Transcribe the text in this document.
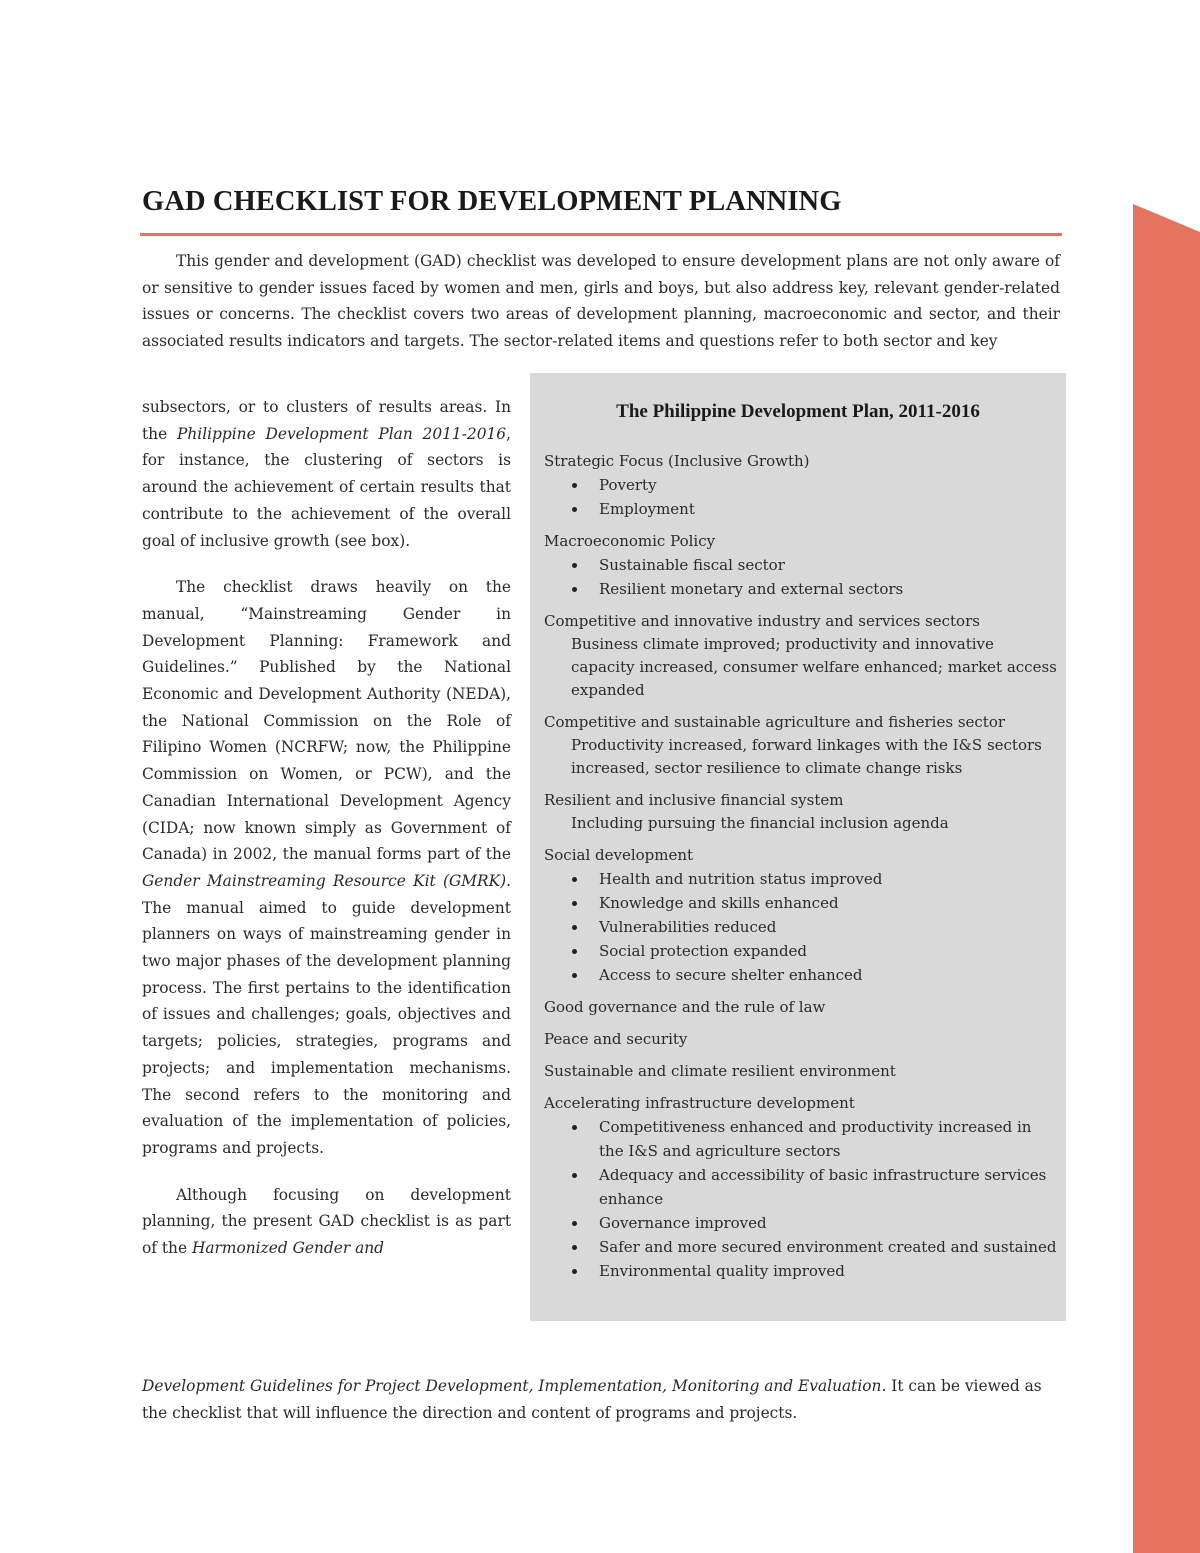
GAD CHECKLIST FOR DEVELOPMENT PLANNING

This gender and development (GAD) checklist was developed to ensure development plans are not only aware of or sensitive to gender issues faced by women and men, girls and boys, but also address key, relevant gender-related issues or concerns. The checklist covers two areas of development planning, macroeconomic and sector, and their associated results indicators and targets. The sector-related items and questions refer to both sector and key

subsectors, or to clusters of results areas. In the Philippine Development Plan 2011-2016, for instance, the clustering of sectors is around the achievement of certain results that contribute to the achievement of the overall goal of inclusive growth (see box).

The checklist draws heavily on the manual, “Mainstreaming Gender in Development Planning: Framework and Guidelines.” Published by the National Economic and Development Authority (NEDA), the National Commission on the Role of Filipino Women (NCRFW; now, the Philippine Commission on Women, or PCW), and the Canadian International Development Agency (CIDA; now known simply as Government of Canada) in 2002, the manual forms part of the Gender Mainstreaming Resource Kit (GMRK). The manual aimed to guide development planners on ways of mainstreaming gender in two major phases of the development planning process. The first pertains to the identification of issues and challenges; goals, objectives and targets; policies, strategies, programs and projects; and implementation mechanisms. The second refers to the monitoring and evaluation of the implementation of policies, programs and projects.

Although focusing on development planning, the present GAD checklist is as part of the Harmonized Gender and

Development Guidelines for Project Development, Implementation, Monitoring and Evaluation. It can be viewed as the checklist that will influence the direction and content of programs and projects.

The Philippine Development Plan, 2011-2016
Strategic Focus (Inclusive Growth)
Poverty
Employment
Macroeconomic Policy
Sustainable fiscal sector
Resilient monetary and external sectors
Competitive and innovative industry and services sectors
Business climate improved; productivity and innovative capacity increased, consumer welfare enhanced; market access expanded
Competitive and sustainable agriculture and fisheries sector
Productivity increased, forward linkages with the I&S sectors increased, sector resilience to climate change risks
Resilient and inclusive financial system
Including pursuing the financial inclusion agenda
Social development
Health and nutrition status improved
Knowledge and skills enhanced
Vulnerabilities reduced
Social protection expanded
Access to secure shelter enhanced
Good governance and the rule of law
Peace and security
Sustainable and climate resilient environment
Accelerating infrastructure development
Competitiveness enhanced and productivity increased in the I&S and agriculture sectors
Adequacy and accessibility of basic infrastructure services enhance
Governance improved
Safer and more secured environment created and sustained
Environmental quality improved
